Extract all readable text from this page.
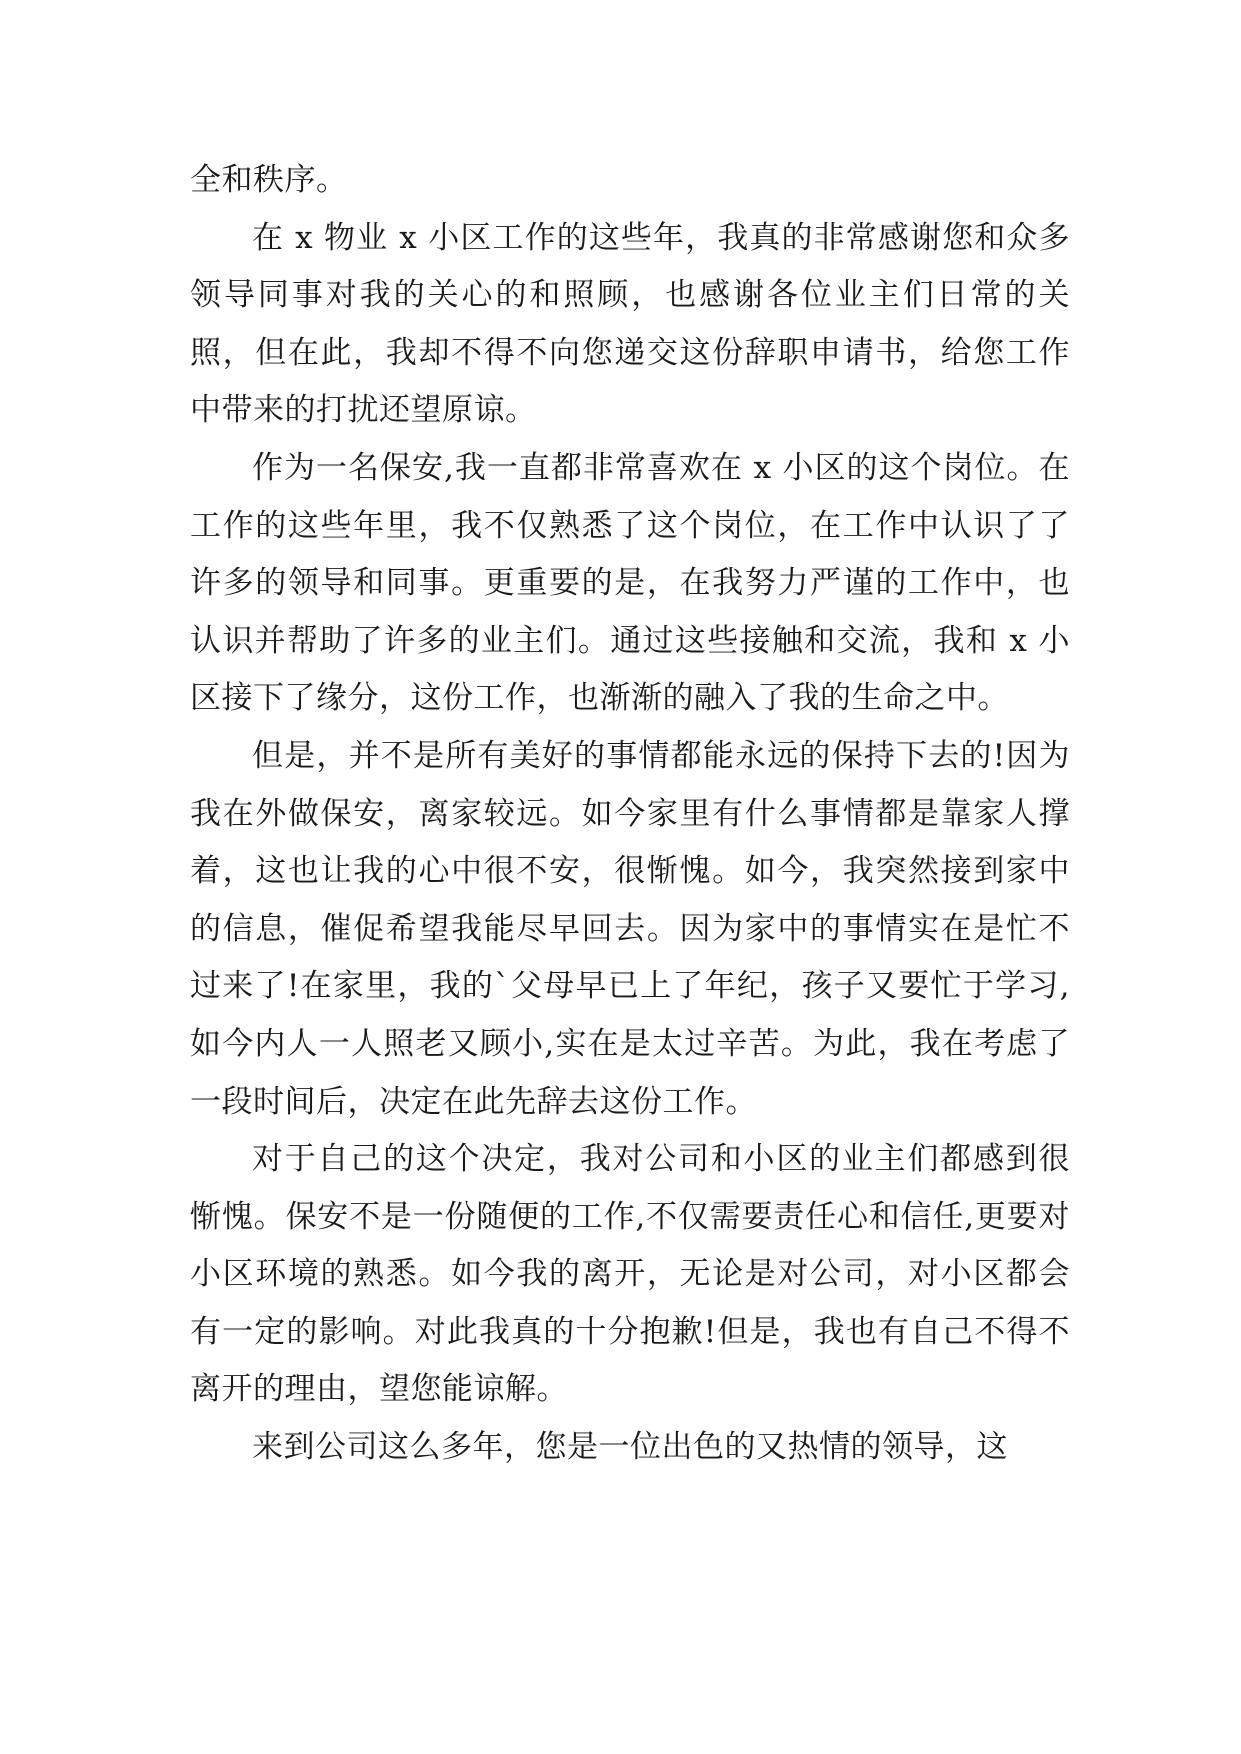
全和秩序。

在 x 物业 x 小区工作的这些年，我真的非常感谢您和众多领导同事对我的关心的和照顾，也感谢各位业主们日常的关照，但在此，我却不得不向您递交这份辞职申请书，给您工作中带来的打扰还望原谅。

作为一名保安,我一直都非常喜欢在 x 小区的这个岗位。在工作的这些年里，我不仅熟悉了这个岗位，在工作中认识了了许多的领导和同事。更重要的是，在我努力严谨的工作中，也认识并帮助了许多的业主们。通过这些接触和交流，我和 x 小区接下了缘分，这份工作，也渐渐的融入了我的生命之中。

但是，并不是所有美好的事情都能永远的保持下去的!因为我在外做保安，离家较远。如今家里有什么事情都是靠家人撑着，这也让我的心中很不安，很惭愧。如今，我突然接到家中的信息，催促希望我能尽早回去。因为家中的事情实在是忙不过来了!在家里，我的`父母早已上了年纪，孩子又要忙于学习,如今内人一人照老又顾小,实在是太过辛苦。为此，我在考虑了一段时间后，决定在此先辞去这份工作。

对于自己的这个决定，我对公司和小区的业主们都感到很惭愧。保安不是一份随便的工作,不仅需要责任心和信任,更要对小区环境的熟悉。如今我的离开，无论是对公司，对小区都会有一定的影响。对此我真的十分抱歉!但是，我也有自己不得不离开的理由，望您能谅解。

来到公司这么多年，您是一位出色的又热情的领导，这
